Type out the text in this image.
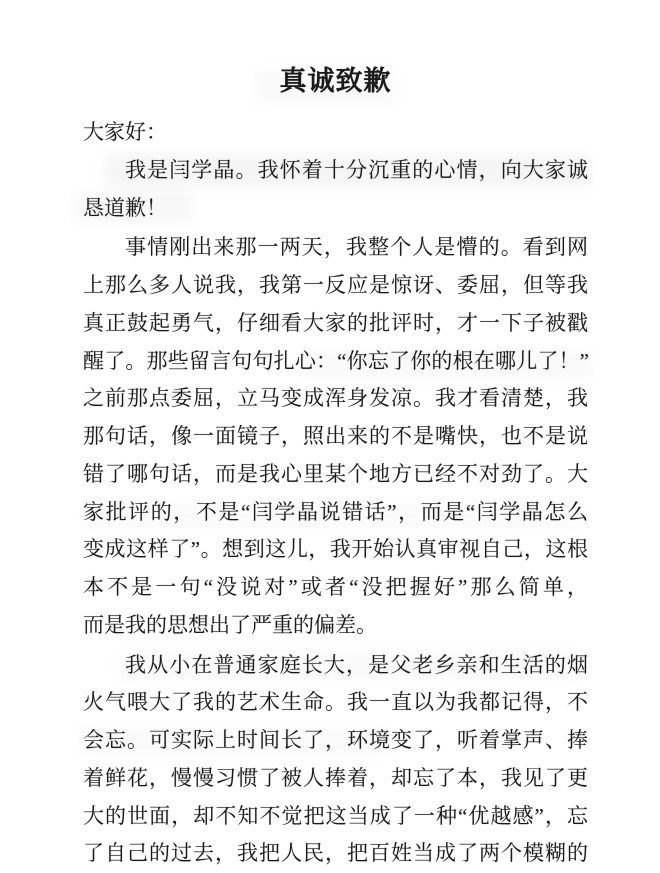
真诚致歉
大家好：
我是闫学晶。我怀着十分沉重的心情，向大家诚
恳道歉！
事情刚出来那一两天，我整个人是懵的。看到网
上那么多人说我，我第一反应是惊讶、委屈，但等我
真正鼓起勇气，仔细看大家的批评时，才一下子被戳
醒了。那些留言句句扎心：“你忘了你的根在哪儿了！”
之前那点委屈，立马变成浑身发凉。我才看清楚，我
那句话，像一面镜子，照出来的不是嘴快，也不是说
错了哪句话，而是我心里某个地方已经不对劲了。大
家批评的，不是“闫学晶说错话”，而是“闫学晶怎么
变成这样了”。想到这儿，我开始认真审视自己，这根
本不是一句“没说对”或者“没把握好”那么简单，
而是我的思想出了严重的偏差。
我从小在普通家庭长大，是父老乡亲和生活的烟
火气喂大了我的艺术生命。我一直以为我都记得，不
会忘。可实际上时间长了，环境变了，听着掌声、捧
着鲜花，慢慢习惯了被人捧着，却忘了本，我见了更
大的世面，却不知不觉把这当成了一种“优越感”，忘
了自己的过去，我把人民，把百姓当成了两个模糊的
